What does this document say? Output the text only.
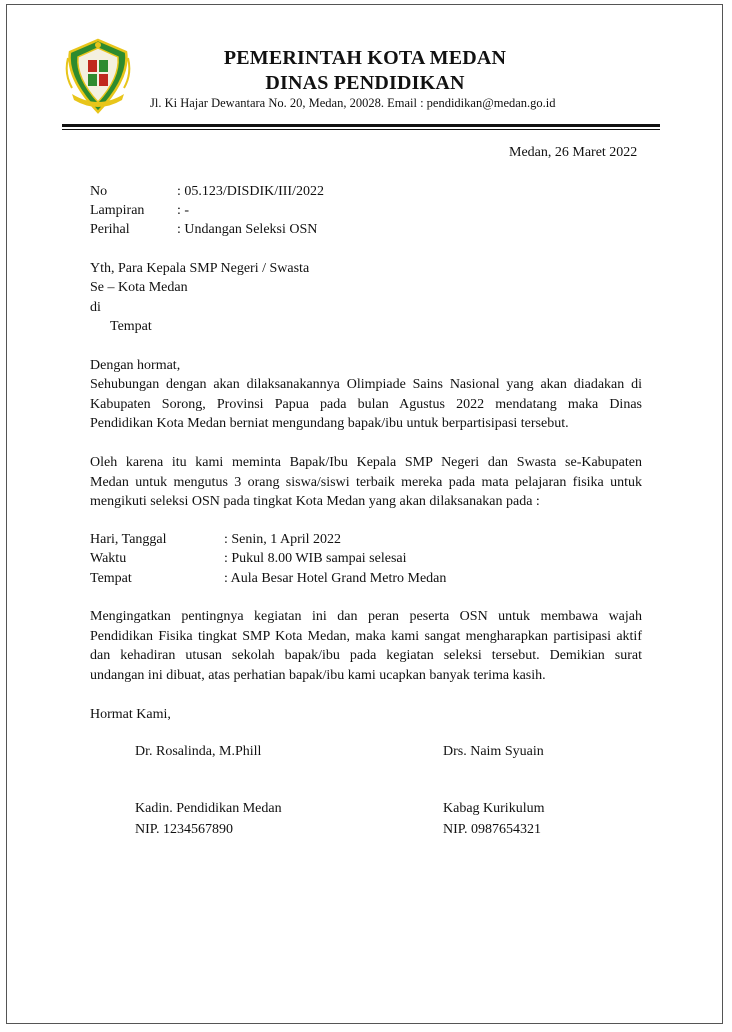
PEMERINTAH KOTA MEDAN
DINAS PENDIDIKAN
Jl. Ki Hajar Dewantara No. 20, Medan, 20028. Email : pendidikan@medan.go.id
Medan, 26 Maret 2022
No	: 05.123/DISDIK/III/2022
Lampiran : -
Perihal	: Undangan Seleksi OSN
Yth, Para Kepala SMP Negeri / Swasta
Se – Kota Medan
di
Tempat
Dengan hormat,
Sehubungan dengan akan dilaksanakannya Olimpiade Sains Nasional yang akan diadakan di
Kabupaten Sorong, Provinsi Papua pada bulan Agustus 2022 mendatang maka Dinas
Pendidikan Kota Medan berniat mengundang bapak/ibu untuk berpartisipasi tersebut.
Oleh karena itu kami meminta Bapak/Ibu Kepala SMP Negeri dan Swasta se-Kabupaten
Medan untuk mengutus 3 orang siswa/siswi terbaik mereka pada mata pelajaran fisika untuk
mengikuti seleksi OSN pada tingkat Kota Medan yang akan dilaksanakan pada :
Hari, Tanggal	: Senin, 1 April 2022
Waktu	: Pukul 8.00 WIB sampai selesai
Tempat	: Aula Besar Hotel Grand Metro Medan
Mengingatkan pentingnya kegiatan ini dan peran peserta OSN untuk membawa wajah
Pendidikan Fisika tingkat SMP Kota Medan, maka kami sangat mengharapkan partisipasi aktif
dan kehadiran utusan sekolah bapak/ibu pada kegiatan seleksi tersebut. Demikian surat
undangan ini dibuat, atas perhatian bapak/ibu kami ucapkan banyak terima kasih.
Hormat Kami,
Dr. Rosalinda, M.Phill	Drs. Naim Syuain
Kadin. Pendidikan Medan	Kabag Kurikulum
NIP. 1234567890	NIP. 0987654321
